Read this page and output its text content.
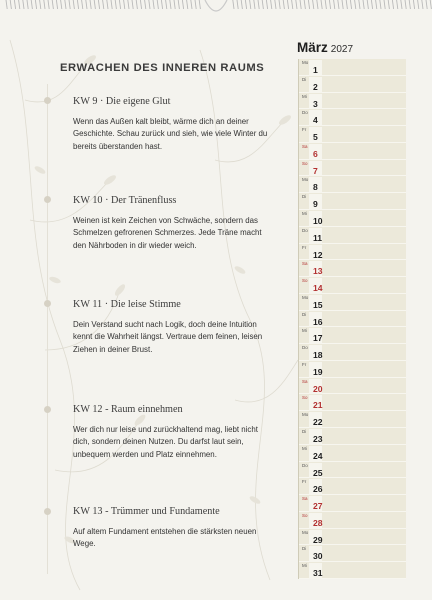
ERWACHEN DES INNEREN RAUMS

KW 9 · Die eigene Glut

Wenn das Außen kalt bleibt, wärme dich an deiner Geschichte. Schau zurück und sieh, wie viele Winter du bereits überstanden hast.

KW 10 · Der Tränenfluss

Weinen ist kein Zeichen von Schwäche, sondern das Schmelzen gefrorenen Schmerzes. Jede Träne macht den Nährboden in dir wieder weich.

KW 11 · Die leise Stimme

Dein Verstand sucht nach Logik, doch deine Intuition kennt die Wahrheit längst. Vertraue dem feinen, leisen Ziehen in deiner Brust.

KW 12 - Raum einnehmen

Wer dich nur leise und zurückhaltend mag, liebt nicht dich, sondern deinen Nutzen. Du darfst laut sein, unbequem werden und Platz einnehmen.

KW 13 - Trümmer und Fundamente

Auf altem Fundament entstehen die stärksten neuen Wege.

März 2027
Mo
1
Di
2
Mi
3
Do
4
Fr
5
Sa
6
So
7
Mo
8
Di
9
Mi
10
Do
11
Fr
12
Sa
13
So
14
Mo
15
Di
16
Mi
17
Do
18
Fr
19
Sa
20
So
21
Mo
22
Di
23
Mi
24
Do
25
Fr
26
Sa
27
So
28
Mo
29
Di
30
Mi
31
